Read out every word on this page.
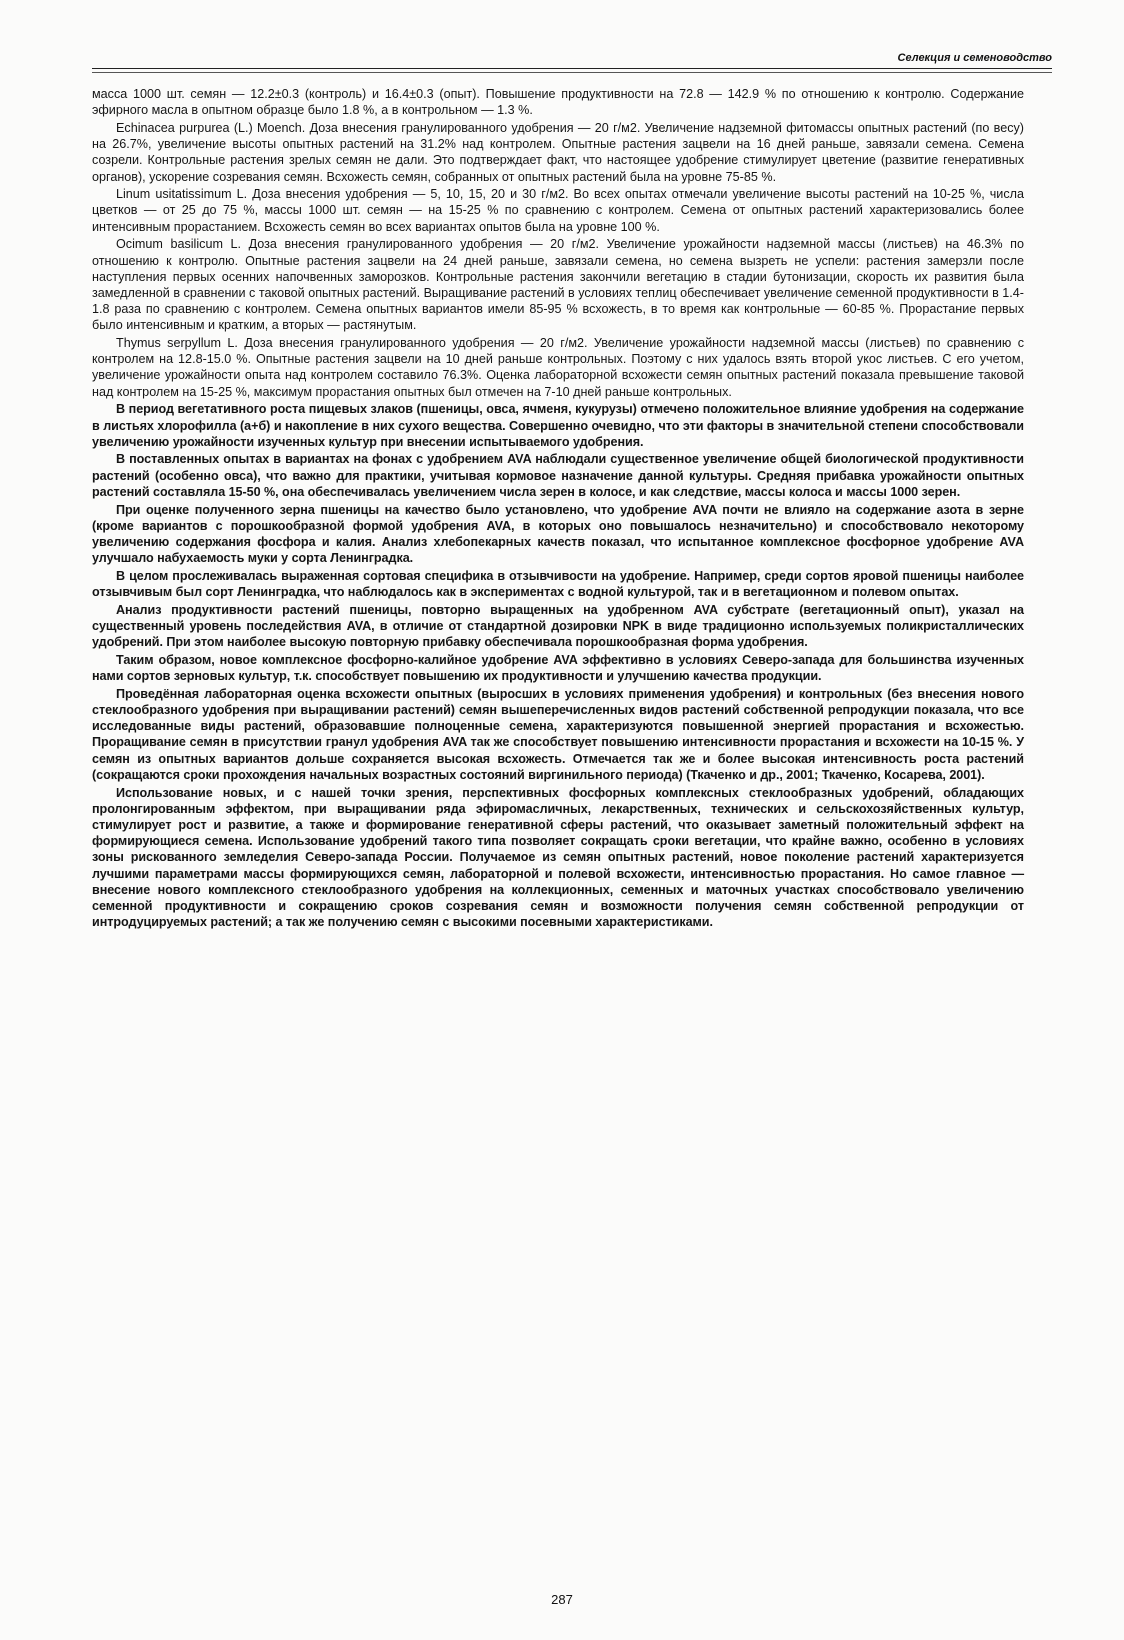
Селекция и семеноводство

масса 1000 шт. семян — 12.2±0.3 (контроль) и 16.4±0.3 (опыт). Повышение продуктивности на 72.8 — 142.9 % по отношению к контролю. Содержание эфирного масла в опытном образце было 1.8 %, а в контрольном — 1.3 %.

Echinacea purpurea (L.) Moench. Доза внесения гранулированного удобрения — 20 г/м2. Увеличение надземной фитомассы опытных растений (по весу) на 26.7%, увеличение высоты опытных растений на 31.2% над контролем. Опытные растения зацвели на 16 дней раньше, завязали семена. Семена созрели. Контрольные растения зрелых семян не дали. Это подтверждает факт, что настоящее удобрение стимулирует цветение (развитие генеративных органов), ускорение созревания семян. Всхожесть семян, собранных от опытных растений была на уровне 75-85 %.

Linum usitatissimum L. Доза внесения удобрения — 5, 10, 15, 20 и 30 г/м2. Во всех опытах отмечали увеличение высоты растений на 10-25 %, числа цветков — от 25 до 75 %, массы 1000 шт. семян — на 15-25 % по сравнению с контролем. Семена от опытных растений характеризовались более интенсивным прорастанием. Всхожесть семян во всех вариантах опытов была на уровне 100 %.

Ocimum basilicum L. Доза внесения гранулированного удобрения — 20 г/м2. Увеличение урожайности надземной массы (листьев) на 46.3% по отношению к контролю. Опытные растения зацвели на 24 дней раньше, завязали семена, но семена вызреть не успели: растения замерзли после наступления первых осенних напочвенных заморозков. Контрольные растения закончили вегетацию в стадии бутонизации, скорость их развития была замедленной в сравнении с таковой опытных растений. Выращивание растений в условиях теплиц обеспечивает увеличение семенной продуктивности в 1.4-1.8 раза по сравнению с контролем. Семена опытных вариантов имели 85-95 % всхожесть, в то время как контрольные — 60-85 %. Прорастание первых было интенсивным и кратким, а вторых — растянутым.

Thymus serpyllum L. Доза внесения гранулированного удобрения — 20 г/м2. Увеличение урожайности надземной массы (листьев) по сравнению с контролем на 12.8-15.0 %. Опытные растения зацвели на 10 дней раньше контрольных. Поэтому с них удалось взять второй укос листьев. С его учетом, увеличение урожайности опыта над контролем составило 76.3%. Оценка лабораторной всхожести семян опытных растений показала превышение таковой над контролем на 15-25 %, максимум прорастания опытных был отмечен на 7-10 дней раньше контрольных.

В период вегетативного роста пищевых злаков (пшеницы, овса, ячменя, кукурузы) отмечено положительное влияние удобрения на содержание в листьях хлорофилла (а+б) и накопление в них сухого вещества. Совершенно очевидно, что эти факторы в значительной степени способствовали увеличению урожайности изученных культур при внесении испытываемого удобрения.

В поставленных опытах в вариантах на фонах с удобрением AVA наблюдали существенное увеличение общей биологической продуктивности растений (особенно овса), что важно для практики, учитывая кормовое назначение данной культуры. Средняя прибавка урожайности опытных растений составляла 15-50 %, она обеспечивалась увеличением числа зерен в колосе, и как следствие, массы колоса и массы 1000 зерен.

При оценке полученного зерна пшеницы на качество было установлено, что удобрение AVA почти не влияло на содержание азота в зерне (кроме вариантов с порошкообразной формой удобрения AVA, в которых оно повышалось незначительно) и способствовало некоторому увеличению содержания фосфора и калия. Анализ хлебопекарных качеств показал, что испытанное комплексное фосфорное удобрение AVA улучшало набухаемость муки у сорта Ленинградка.

В целом прослеживалась выраженная сортовая специфика в отзывчивости на удобрение. Например, среди сортов яровой пшеницы наиболее отзывчивым был сорт Ленинградка, что наблюдалось как в экспериментах с водной культурой, так и в вегетационном и полевом опытах.

Анализ продуктивности растений пшеницы, повторно выращенных на удобренном AVA субстрате (вегетационный опыт), указал на существенный уровень последействия AVA, в отличие от стандартной дозировки NPK в виде традиционно используемых поликристаллических удобрений. При этом наиболее высокую повторную прибавку обеспечивала порошкообразная форма удобрения.

Таким образом, новое комплексное фосфорно-калийное удобрение AVA эффективно в условиях Северо-запада для большинства изученных нами сортов зерновых культур, т.к. способствует повышению их продуктивности и улучшению качества продукции.

Проведённая лабораторная оценка всхожести опытных (выросших в условиях применения удобрения) и контрольных (без внесения нового стеклообразного удобрения при выращивании растений) семян вышеперечисленных видов растений собственной репродукции показала, что все исследованные виды растений, образовавшие полноценные семена, характеризуются повышенной энергией прорастания и всхожестью. Проращивание семян в присутствии гранул удобрения AVA так же способствует повышению интенсивности прорастания и всхожести на 10-15 %. У семян из опытных вариантов дольше сохраняется высокая всхожесть. Отмечается так же и более высокая интенсивность роста растений (сокращаются сроки прохождения начальных возрастных состояний виргинильного периода) (Ткаченко и др., 2001; Ткаченко, Косарева, 2001).

Использование новых, и с нашей точки зрения, перспективных фосфорных комплексных стеклообразных удобрений, обладающих пролонгированным эффектом, при выращивании ряда эфиромасличных, лекарственных, технических и сельскохозяйственных культур, стимулирует рост и развитие, а также и формирование генеративной сферы растений, что оказывает заметный положительный эффект на формирующиеся семена. Использование удобрений такого типа позволяет сокращать сроки вегетации, что крайне важно, особенно в условиях зоны рискованного земледелия Северо-запада России. Получаемое из семян опытных растений, новое поколение растений характеризуется лучшими параметрами массы формирующихся семян, лабораторной и полевой всхожести, интенсивностью прорастания. Но самое главное — внесение нового комплексного стеклообразного удобрения на коллекционных, семенных и маточных участках способствовало увеличению семенной продуктивности и сокращению сроков созревания семян и возможности получения семян собственной репродукции от интродуцируемых растений; а так же получению семян с высокими посевными характеристиками.

287
